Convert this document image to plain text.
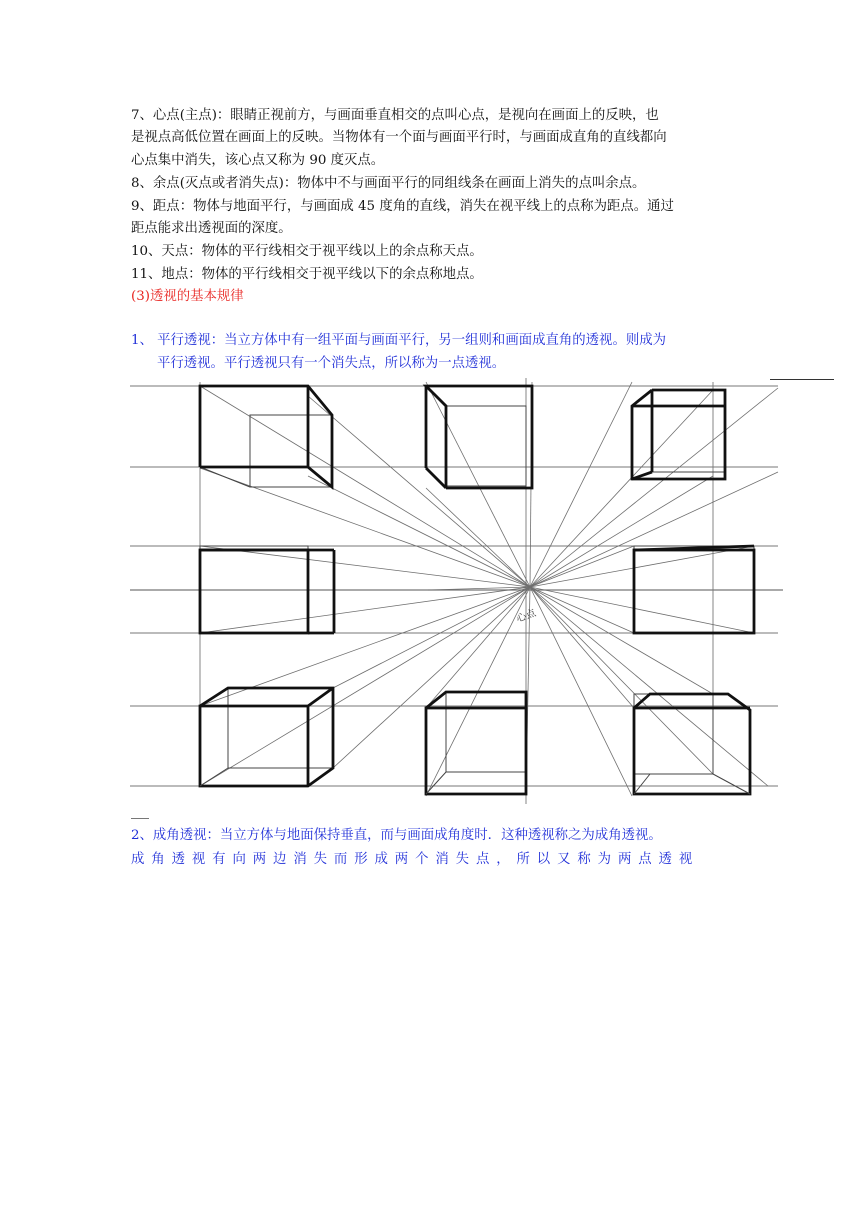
7、心点(主点)：眼睛正视前方，与画面垂直相交的点叫心点，是视向在画面上的反映，也
是视点高低位置在画面上的反映。当物体有一个面与画面平行时，与画面成直角的直线都向
心点集中消失，该心点又称为 90 度灭点。
8、余点(灭点或者消失点)：物体中不与画面平行的同组线条在画面上消失的点叫余点。
9、距点：物体与地面平行，与画面成 45 度角的直线，消失在视平线上的点称为距点。通过
距点能求出透视面的深度。
10、天点：物体的平行线相交于视平线以上的余点称天点。
11、地点：物体的平行线相交于视平线以下的余点称地点。
(3)透视的基本规律
1、 平行透视：当立方体中有一组平面与画面平行，另一组则和画面成直角的透视。则成为
平行透视。平行透视只有一个消失点，所以称为一点透视。
心点
2、成角透视：当立方体与地面保持垂直，而与画面成角度时．这种透视称之为成角透视。
成角透视有向两边消失而形成两个消失点，所以又称为两点透视
